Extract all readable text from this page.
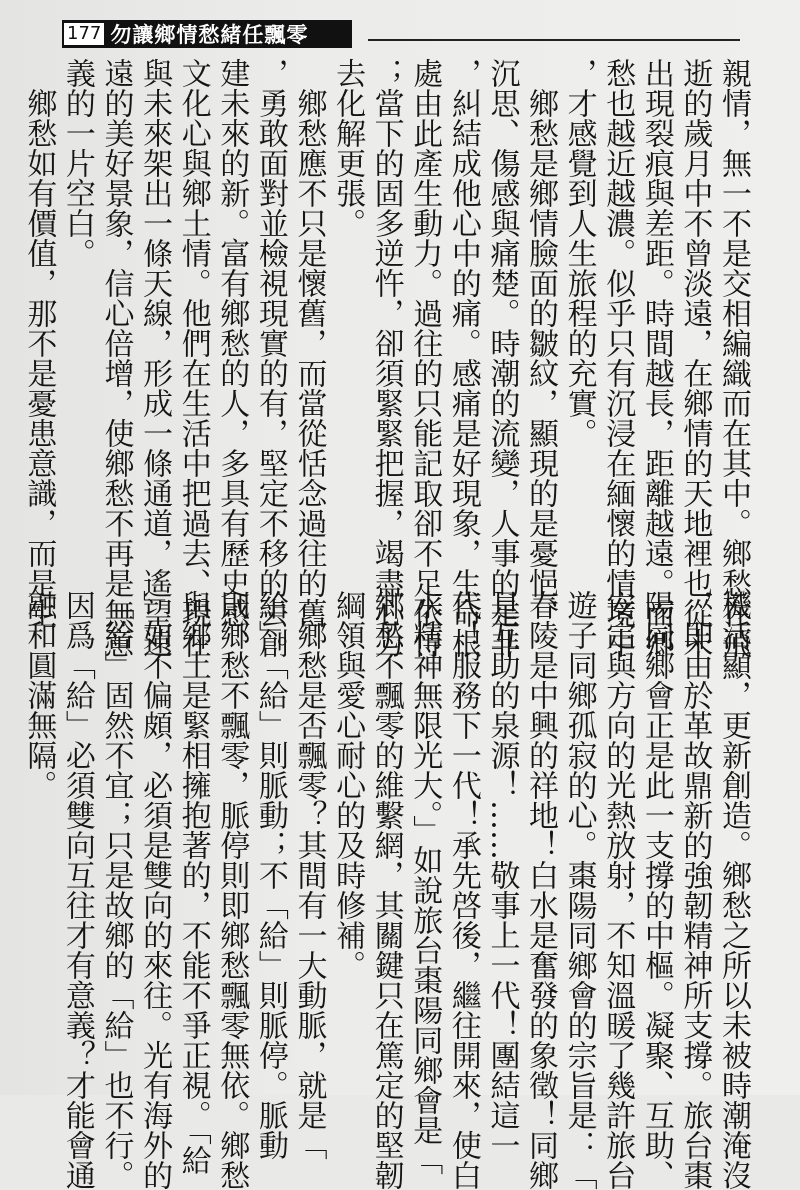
177 勿讓鄉情愁緒任飄零
親情，無一不是交相編織而在其中。鄉愁在飛
逝的歲月中不曾淡遠，在鄉情的天地裡也從未
出現裂痕與差距。時間越長，距離越遠。而鄉
愁也越近越濃。似乎只有沉浸在緬懷的情境中
，才感覺到人生旅程的充實。
　鄉愁是鄉情臉面的皺紋，顯現的是憂悒、
沉思、傷感與痛楚。時潮的流變，人事的是非
，糾結成他心中的痛。感痛是好現象，生命根
處由此產生動力。過往的只能記取卻不足依恃
；當下的固多逆忤，卻須緊緊把握，竭盡心力
去化解更張。
　鄉愁應不只是懷舊，而當從恬念過往的舊
，勇敢面對並檢視現實的有，堅定不移的去創
建未來的新。富有鄉愁的人，多具有歷史感、
文化心與鄉土情。他們在生活中把過去、現在
與未來架出一條天線，形成一條通道，遙望遠
遠的美好景象，信心倍增，使鄉愁不再是無意
義的一片空白。
　鄉愁如有價值，那不是憂患意識，而是生
機活顯，更新創造。鄉愁之所以未被時潮淹沒
，即由於革故鼎新的強韌精神所支撐。旅台棗
陽同鄉會正是此一支撐的中樞。凝聚、互助、
安定與方向的光熱放射，不知溫暖了幾許旅台
遊子同鄉孤寂的心。棗陽同鄉會的宗旨是：「
春陵是中興的祥地！白水是奮發的象徵！同鄉
是互助的泉源！……敬事上一代！團結這一
代！服務下一代！承先啓後，繼往開來，使白
水精神無限光大。」如說旅台棗陽同鄉會是「
鄉愁不飄零的維繫網，其關鍵只在篤定的堅韌
綱領與愛心耐心的及時修補。
　鄉愁是否飄零？其間有一大動脈，就是「
給」。「給」則脈動；不「給」則脈停。脈動
則鄉愁不飄零，脈停則即鄉愁飄零無依。鄉愁
與鄉土是緊相擁抱著的，不能不爭正視。「給
」如不偏頗，必須是雙向的來往。光有海外的
「給」固然不宜；只是故鄉的「給」也不行。
因爲「給」必須雙向互往才有意義？才能會通
融和圓滿無隔。
